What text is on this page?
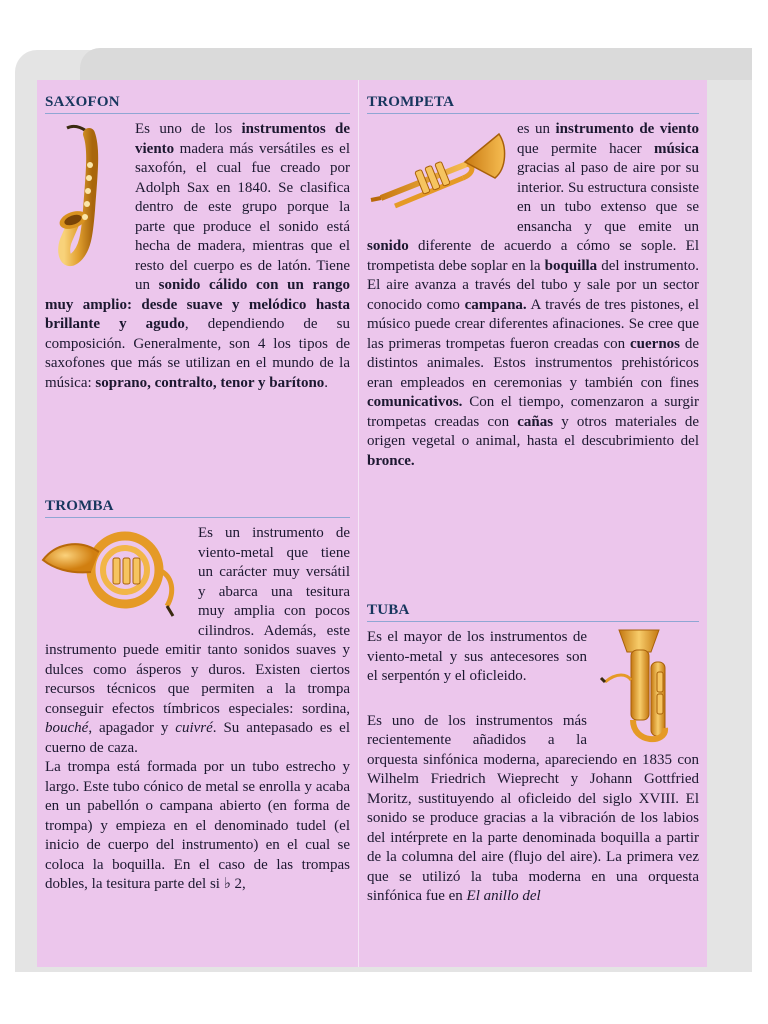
SAXOFON

Es uno de los instrumentos de viento madera más versátiles es el saxofón, el cual fue creado por Adolph Sax en 1840. Se clasifica dentro de este grupo porque la parte que produce el sonido está hecha de madera, mientras que el resto del cuerpo es de latón. Tiene un sonido cálido con un rango muy amplio: desde suave y melódico hasta brillante y agudo, dependiendo de su composición. Generalmente, son 4 los tipos de saxofones que más se utilizan en el mundo de la música: soprano, contralto, tenor y barítono.

TROMBA

Es un instrumento de viento-metal que tiene un carácter muy versátil y abarca una tesitura muy amplia con pocos cilindros. Además, este instrumento puede emitir tanto sonidos suaves y dulces como ásperos y duros. Existen ciertos recursos técnicos que permiten a la trompa conseguir efectos tímbricos especiales: sordina, bouché, apagador y cuivré. Su antepasado es el cuerno de caza.

La trompa está formada por un tubo estrecho y largo. Este tubo cónico de metal se enrolla y acaba en un pabellón o campana abierto (en forma de trompa) y empieza en el denominado tudel (el inicio de cuerpo del instrumento) en el cual se coloca la boquilla. En el caso de las trompas dobles, la tesitura parte del si ♭ 2,

TROMPETA

es un instrumento de viento que permite hacer música gracias al paso de aire por su interior. Su estructura consiste en un tubo extenso que se ensancha y que emite un sonido diferente de acuerdo a cómo se sople. El trompetista debe soplar en la boquilla del instrumento. El aire avanza a través del tubo y sale por un sector conocido como campana. A través de tres pistones, el músico puede crear diferentes afinaciones. Se cree que las primeras trompetas fueron creadas con cuernos de distintos animales. Estos instrumentos prehistóricos eran empleados en ceremonias y también con fines comunicativos. Con el tiempo, comenzaron a surgir trompetas creadas con cañas y otros materiales de origen vegetal o animal, hasta el descubrimiento del bronce.

TUBA

Es el mayor de los instrumentos de viento-metal y sus antecesores son el serpentón y el oficleido.

Es uno de los instrumentos más recientemente añadidos a la orquesta sinfónica moderna, apareciendo en 1835 con Wilhelm Friedrich Wieprecht y Johann Gottfried Moritz, sustituyendo al oficleido del siglo XVIII. El sonido se produce gracias a la vibración de los labios del intérprete en la parte denominada boquilla a partir de la columna del aire (flujo del aire). La primera vez que se utilizó la tuba moderna en una orquesta sinfónica fue en El anillo del
